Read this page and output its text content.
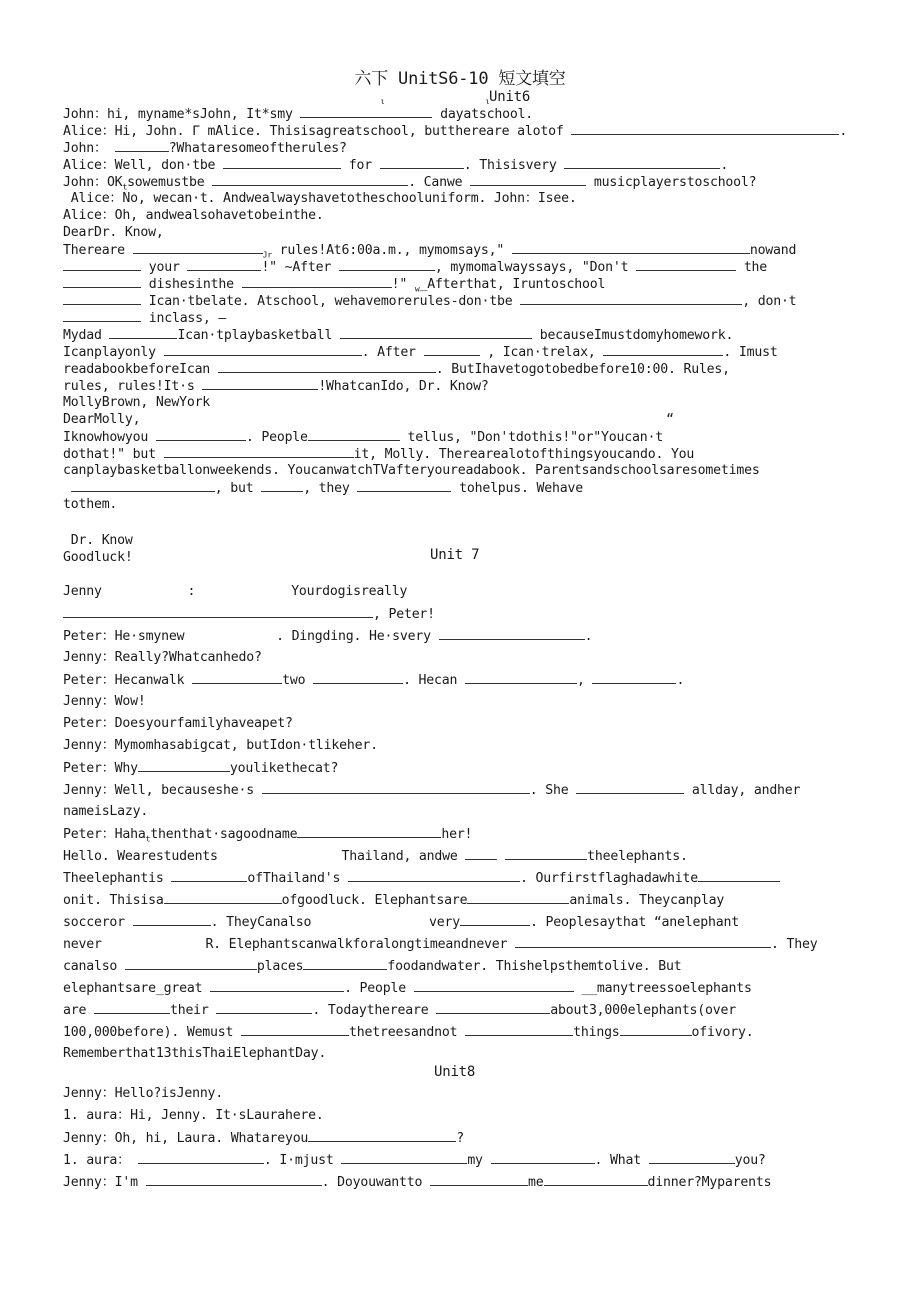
六下 UnitS6-10 短文填空
ι	ι Unit6
Unit 7
Unit8
John：hi, myname*sJohn, It*smy	dayatschool.
Alice：Hi, John. Γ mAlice. Thisisagreatschool, butthereare alotof	.
John：	?Whataresomeoftherules?
Alice：Well, don·tbe	for	. Thisisvery	.
John：$OK_tsowemustbe$	. Canwe	musicplayerstoschool?
Alice：No, wecan·t. Andwealwayshavetotheschooluniform. John：Isee.
Alice：Oh, andwealsohavetobeinthe.
DearDr. Know,
Thereare	$_{Jr}$ rules!At6:00a.m., mymomsays,"	nowand
your	!" ~After	, mymomalwayssays, "Don't	the
dishesinthe	!" $_w$_Afterthat, Iruntoschool
Ican·tbelate. Atschool, wehavemorerules-don·tbe	, don·t
inclass, —
Mydad	Ican·tplaybasketball	becauseImustdomyhomework.
Icanplayonly	. After	, Ican·trelax,	. Imust
readabookbeforeIcan	. ButIhavetogotobedbefore10:00. Rules,
rules, rules!It·s	!WhatcanIdo, Dr. Know?
MollyBrown, NewYork
DearMolly,	“
Iknowhowyou	. People	tellus, "Don'tdothis!"or"Youcan·t
dothat!" but	it, Molly. Therearealotofthingsyoucando. You
canplaybasketballonweekends. YoucanwatchTVafteryoureadabook. Parentsandschoolsaresometimes
, but	, they	tohelpus. Wehave
tothem.
Dr. Know
Goodluck!
Jenny	:	Yourdogisreally
, Peter!
Peter：He·smynew	. Dingding. He·svery	.
Jenny：Really?Whatcanhedo?
Peter：Hecanwalk	two	. Hecan	,	.
Jenny：Wow!
Peter：Doesyourfamilyhaveapet?
Jenny：Mymomhasabigcat, butIdon·tlikeher.
Peter：Why	youlikethecat?
Jenny：Well, becauseshe·s	. She	allday, andher
nameisLazy.
Peter：Haha$_t$thenthat·sagoodname	her!
Hello. Wearestudents	Thailand, andwe	theelephants.
Theelephantis	ofThailand's	. Ourfirstflaghadawhite
onit. Thisisa	ofgoodluck. Elephantsare	animals. Theycanplay
socceror	. TheyCanalso	very	. Peoplesaythat “anelephant
never	R. Elephantscanwalkforalongtimeandnever	. They
canalso	places	foodandwater. Thishelpsthemtolive. But
elephantsare_great	. People	__manytreessoelephants
are	their	. Todaythereare	about3,000elephants(over
100,000before). Wemust	thetreesandnot	things	ofivory.
Rememberthat13thisThaiElephantDay.
Jenny：Hello?isJenny.
1. aura：Hi, Jenny. It·sLaurahere.
Jenny：Oh, hi, Laura. Whatareyou	?
1. aura：	. I·mjust	my	. What	you?
Jenny：I'm	. Doyouwantto	me	dinner?Myparents
